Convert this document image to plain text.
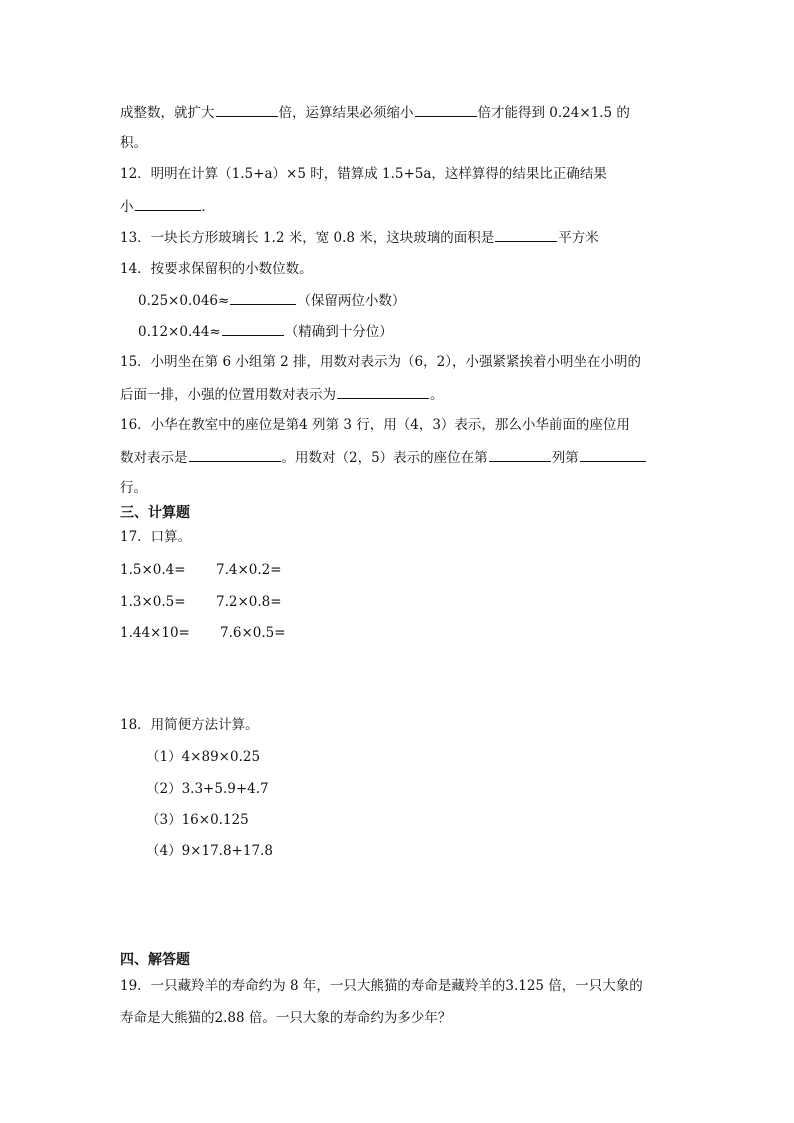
成整数，就扩大	倍，运算结果必须缩小	倍才能得到 0.24×1.5 的
积。
12．明明在计算（1.5+a）×5 时，错算成 1.5+5a，这样算得的结果比正确结果
小	．
13．一块长方形玻璃长 1.2 米，宽 0.8 米，这块玻璃的面积是	平方米
14．按要求保留积的小数位数。
0.25×0.046≈	（保留两位小数）
0.12×0.44≈	（精确到十分位）
15．小明坐在第 6 小组第 2 排，用数对表示为（6，2），小强紧紧挨着小明坐在小明的
后面一排，小强的位置用数对表示为	。
16．小华在教室中的座位是第4 列第 3 行，用（4，3）表示，那么小华前面的座位用
数对表示是	。用数对（2，5）表示的座位在第	列第
行。
三、计算题
17．口算。
1.5×0.4= 7.4×0.2=
1.3×0.5= 7.2×0.8=
1.44×10= 7.6×0.5=
18．用简便方法计算。
（1）4×89×0.25
（2）3.3+5.9+4.7
（3）16×0.125
（4）9×17.8+17.8
四、解答题
19．一只藏羚羊的寿命约为 8 年，一只大熊猫的寿命是藏羚羊的3.125 倍，一只大象的
寿命是大熊猫的2.88 倍。一只大象的寿命约为多少年？
